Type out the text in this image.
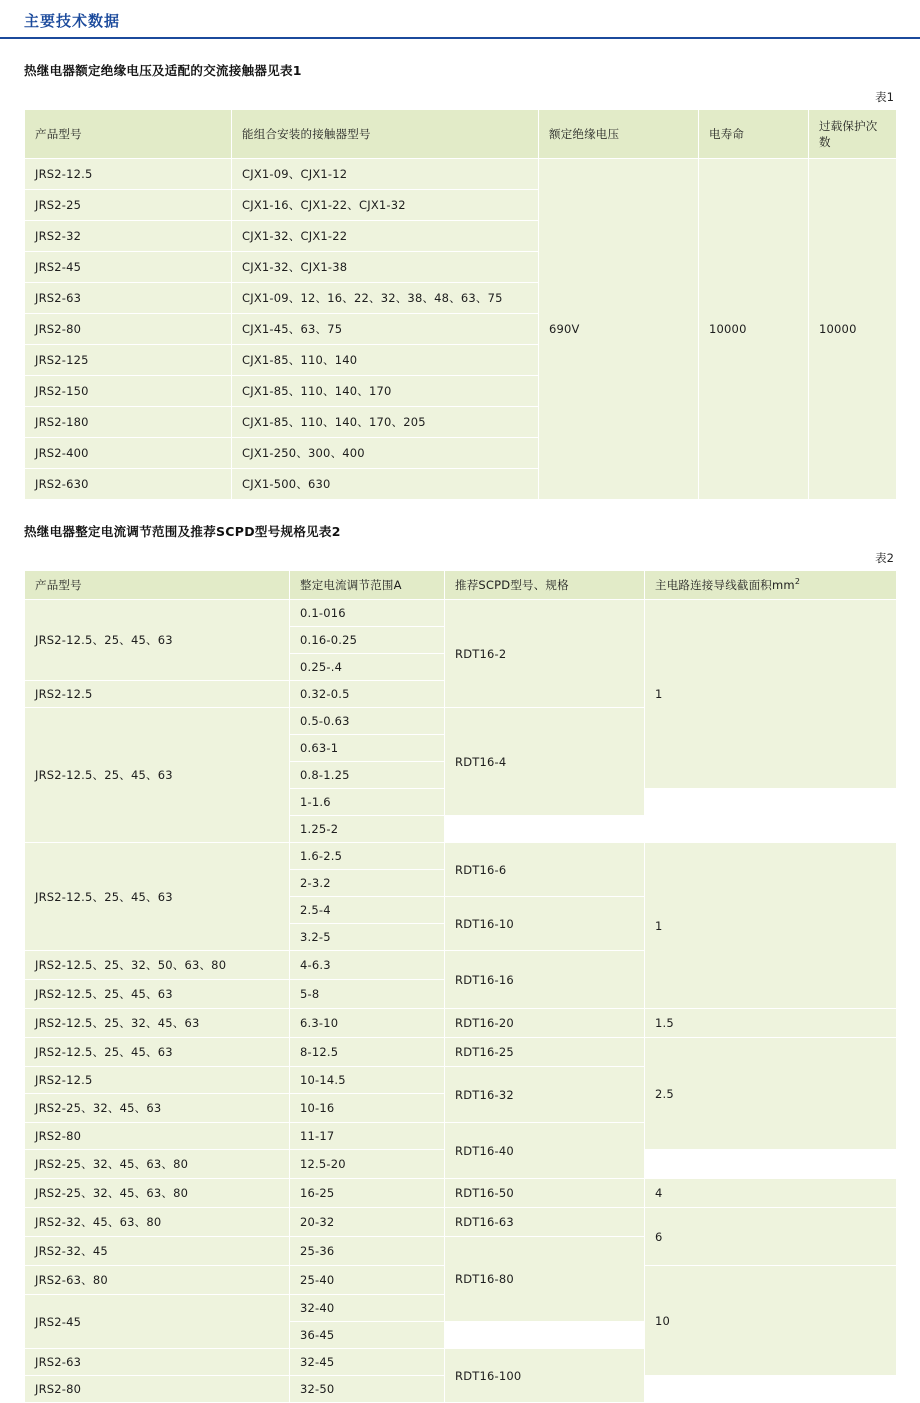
主要技术数据
热继电器额定绝缘电压及适配的交流接触器见表1
表1
产品型号	能组合安装的接触器型号	额定绝缘电压	电寿命	过载保护次数
JRS2-12.5	CJX1-09、CJX1-12	690V	10000	10000
JRS2-25	CJX1-16、CJX1-22、CJX1-32			
JRS2-32	CJX1-32、CJX1-22			
JRS2-45	CJX1-32、CJX1-38			
JRS2-63	CJX1-09、12、16、22、32、38、48、63、75			
JRS2-80	CJX1-45、63、75			
JRS2-125	CJX1-85、110、140			
JRS2-150	CJX1-85、110、140、170			
JRS2-180	CJX1-85、110、140、170、205			
JRS2-400	CJX1-250、300、400			
JRS2-630	CJX1-500、630			
热继电器整定电流调节范围及推荐SCPD型号规格见表2
表2
产品型号	整定电流调节范围A	推荐SCPD型号、规格	主电路连接导线截面积$mm^2$
JRS2-12.5、25、45、63	0.1-016	RDT16-2	1
	0.16-0.25		
	0.25-.4		
JRS2-12.5	0.32-0.5		
JRS2-12.5、25、45、63	0.5-0.63	RDT16-4	
	0.63-1		
	0.8-1.25		
	1-1.6		
	1.25-2		
JRS2-12.5、25、45、63	1.6-2.5	RDT16-6	1
	2-3.2		
	2.5-4	RDT16-10	
	3.2-5		
JRS2-12.5、25、32、50、63、80	4-6.3	RDT16-16	
JRS2-12.5、25、45、63	5-8		
JRS2-12.5、25、32、45、63	6.3-10	RDT16-20	1.5
JRS2-12.5、25、45、63	8-12.5	RDT16-25	2.5
JRS2-12.5	10-14.5	RDT16-32	
JRS2-25、32、45、63	10-16		
JRS2-80	11-17	RDT16-40	
JRS2-25、32、45、63、80	12.5-20		
JRS2-25、32、45、63、80	16-25	RDT16-50	4
JRS2-32、45、63、80	20-32	RDT16-63	6
JRS2-32、45	25-36	RDT16-80	
JRS2-63、80	25-40		10
JRS2-45	32-40		
	36-45		
JRS2-63	32-45	RDT16-100	
JRS2-80	32-50		
